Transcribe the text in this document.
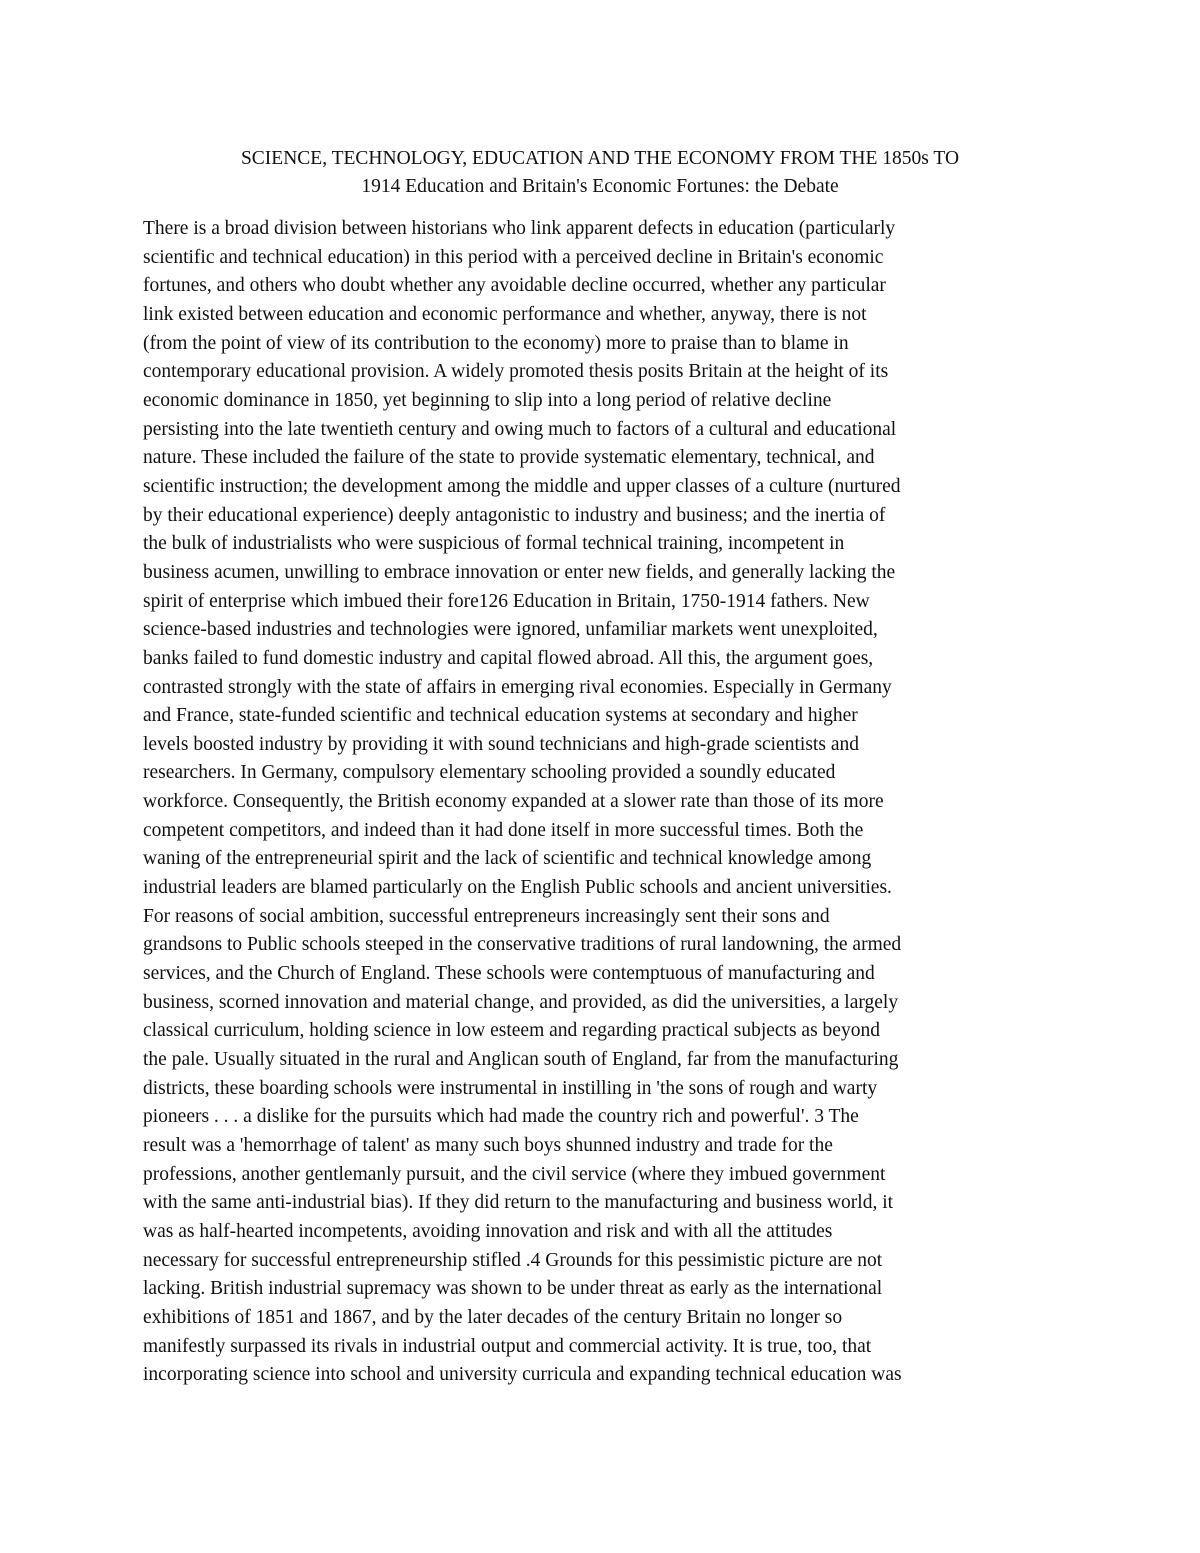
SCIENCE, TECHNOLOGY, EDUCATION AND THE ECONOMY FROM THE 1850s TO
1914 Education and Britain's Economic Fortunes: the Debate
There is a broad division between historians who link apparent defects in education (particularly
scientific and technical education) in this period with a perceived decline in Britain's economic
fortunes, and others who doubt whether any avoidable decline occurred, whether any particular
link existed between education and economic performance and whether, anyway, there is not
(from the point of view of its contribution to the economy) more to praise than to blame in
contemporary educational provision. A widely promoted thesis posits Britain at the height of its
economic dominance in 1850, yet beginning to slip into a long period of relative decline
persisting into the late twentieth century and owing much to factors of a cultural and educational
nature. These included the failure of the state to provide systematic elementary, technical, and
scientific instruction; the development among the middle and upper classes of a culture (nurtured
by their educational experience) deeply antagonistic to industry and business; and the inertia of
the bulk of industrialists who were suspicious of formal technical training, incompetent in
business acumen, unwilling to embrace innovation or enter new fields, and generally lacking the
spirit of enterprise which imbued their fore126 Education in Britain, 1750-1914 fathers. New
science-based industries and technologies were ignored, unfamiliar markets went unexploited,
banks failed to fund domestic industry and capital flowed abroad. All this, the argument goes,
contrasted strongly with the state of affairs in emerging rival economies. Especially in Germany
and France, state-funded scientific and technical education systems at secondary and higher
levels boosted industry by providing it with sound technicians and high-grade scientists and
researchers. In Germany, compulsory elementary schooling provided a soundly educated
workforce. Consequently, the British economy expanded at a slower rate than those of its more
competent competitors, and indeed than it had done itself in more successful times. Both the
waning of the entrepreneurial spirit and the lack of scientific and technical knowledge among
industrial leaders are blamed particularly on the English Public schools and ancient universities.
For reasons of social ambition, successful entrepreneurs increasingly sent their sons and
grandsons to Public schools steeped in the conservative traditions of rural landowning, the armed
services, and the Church of England. These schools were contemptuous of manufacturing and
business, scorned innovation and material change, and provided, as did the universities, a largely
classical curriculum, holding science in low esteem and regarding practical subjects as beyond
the pale. Usually situated in the rural and Anglican south of England, far from the manufacturing
districts, these boarding schools were instrumental in instilling in 'the sons of rough and warty
pioneers . . . a dislike for the pursuits which had made the country rich and powerful'. 3 The
result was a 'hemorrhage of talent' as many such boys shunned industry and trade for the
professions, another gentlemanly pursuit, and the civil service (where they imbued government
with the same anti-industrial bias). If they did return to the manufacturing and business world, it
was as half-hearted incompetents, avoiding innovation and risk and with all the attitudes
necessary for successful entrepreneurship stifled .4 Grounds for this pessimistic picture are not
lacking. British industrial supremacy was shown to be under threat as early as the international
exhibitions of 1851 and 1867, and by the later decades of the century Britain no longer so
manifestly surpassed its rivals in industrial output and commercial activity. It is true, too, that
incorporating science into school and university curricula and expanding technical education was
